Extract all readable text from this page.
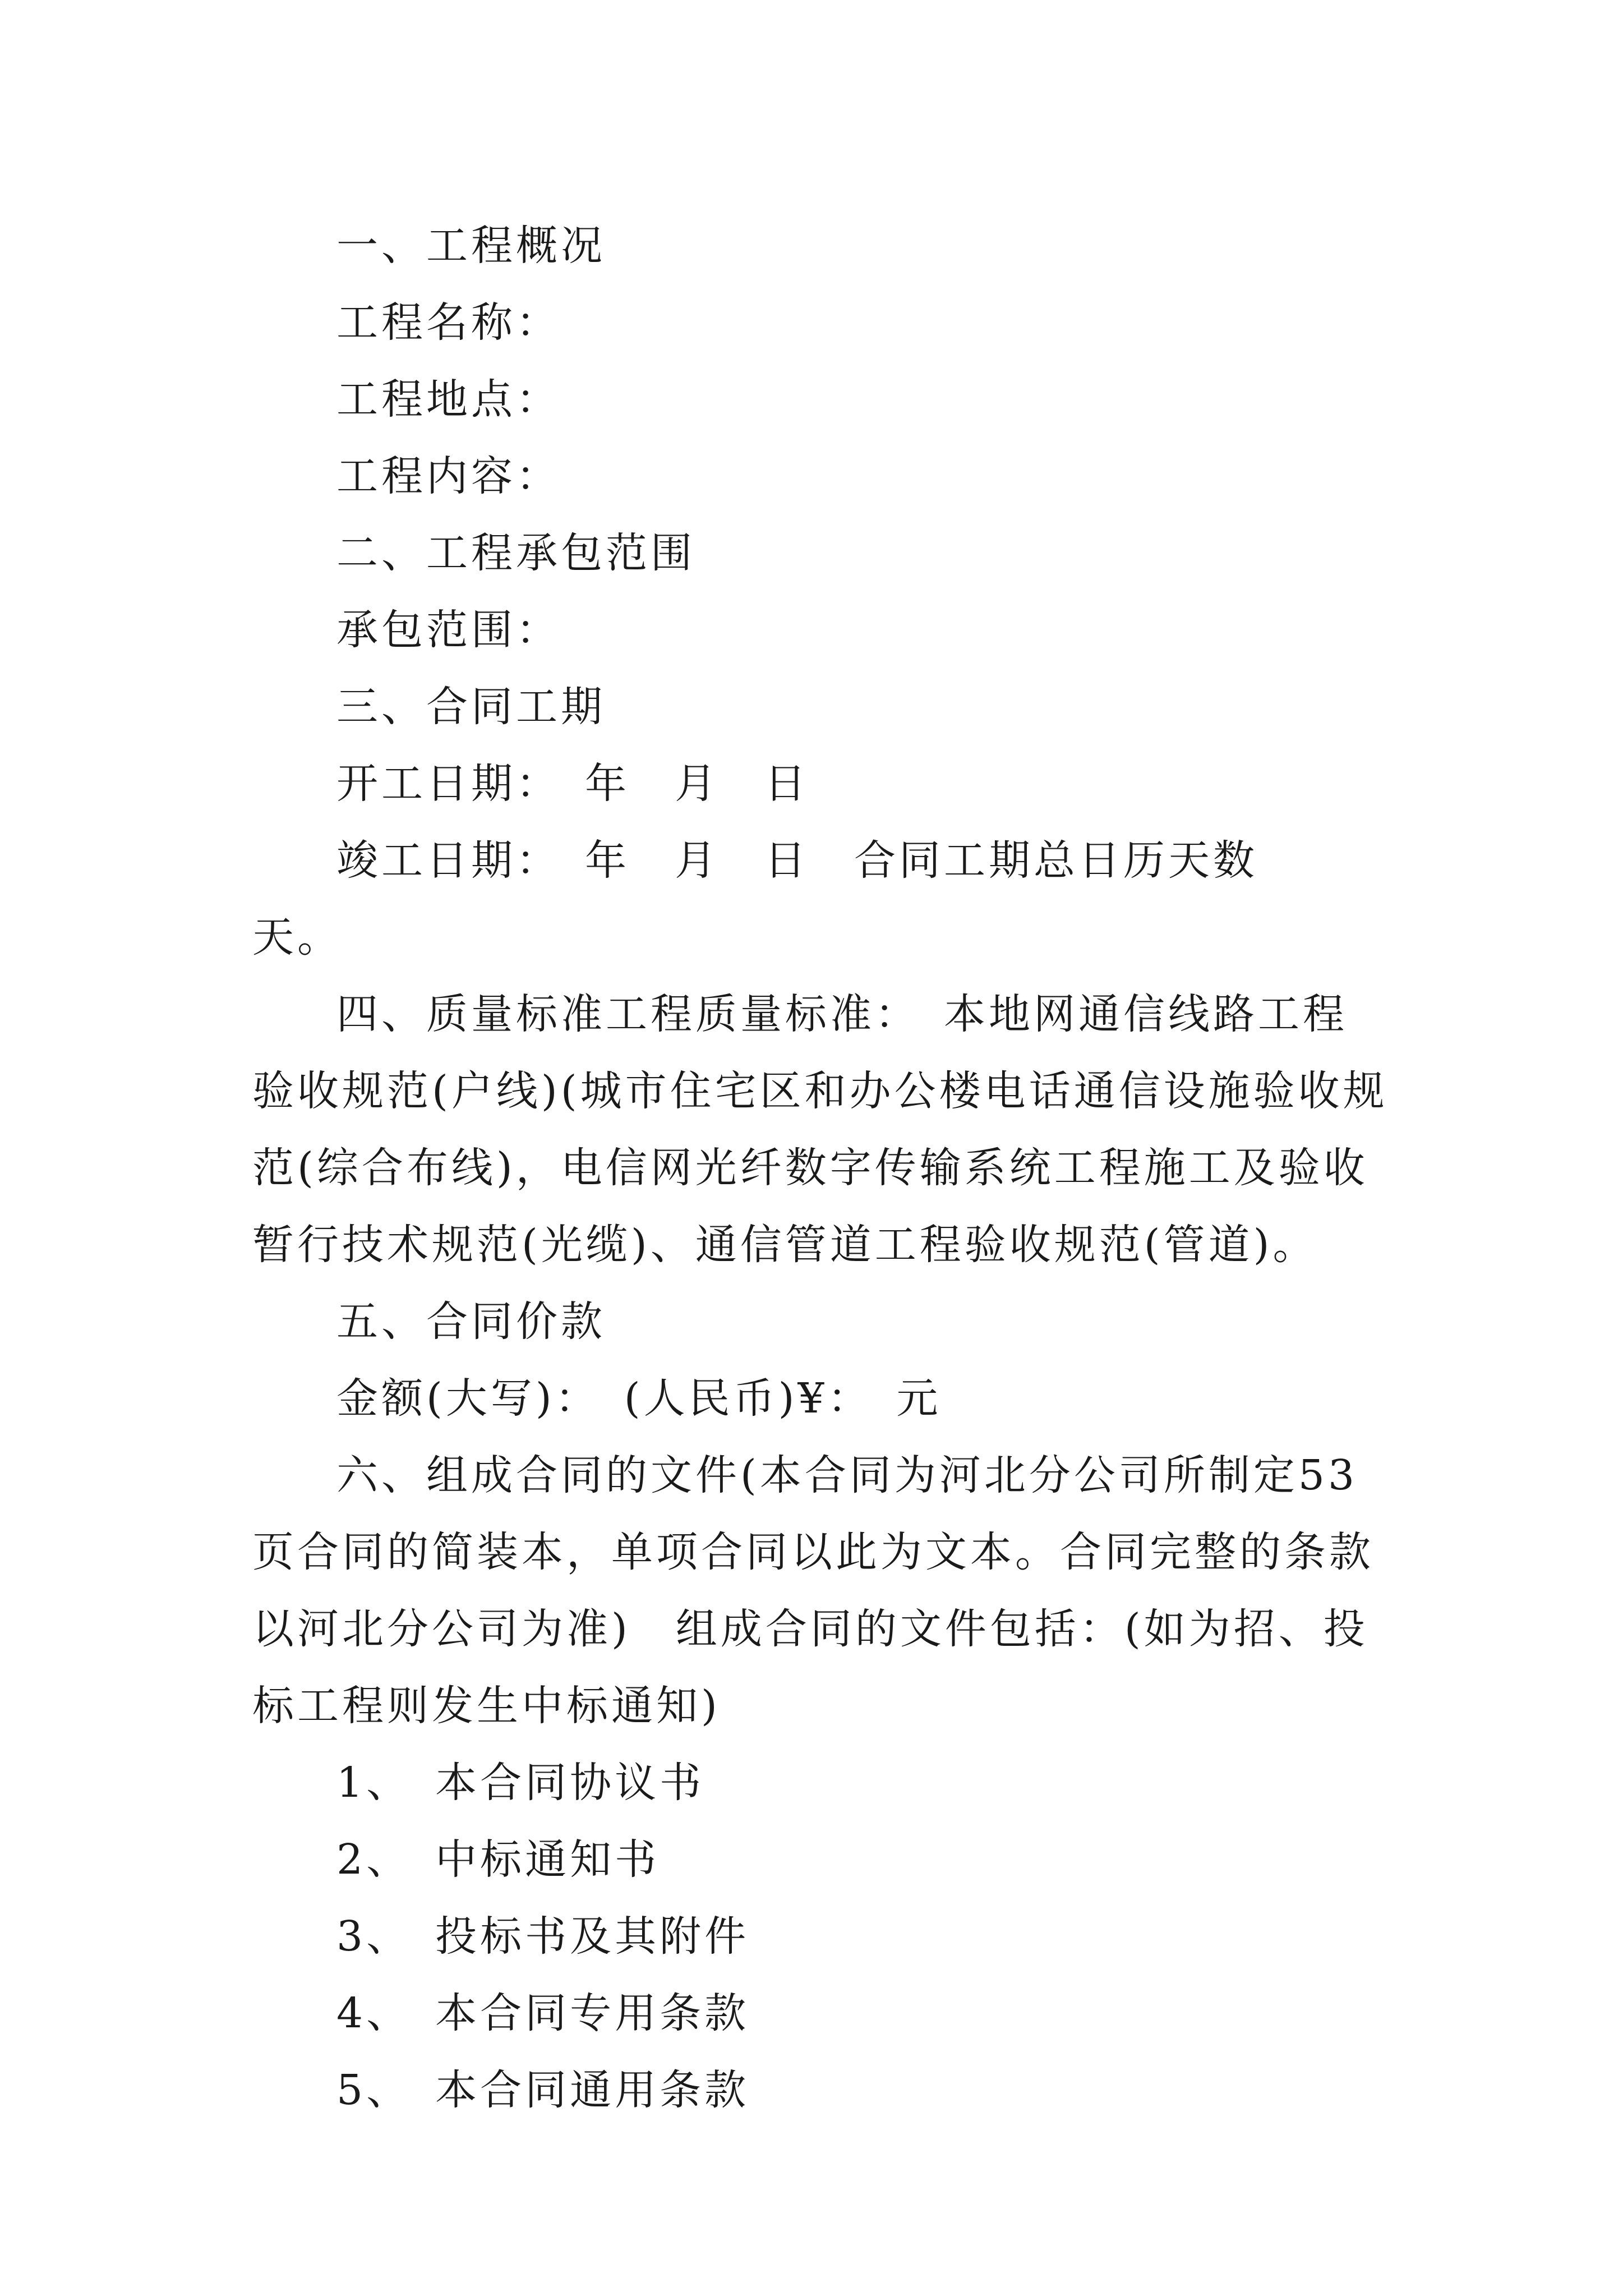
一、工程概况

工程名称：

工程地点：

工程内容：

二、工程承包范围

承包范围：

三、合同工期

开工日期：　年　月　日

竣工日期：　年　月　日　合同工期总日历天数　天。

四、质量标准工程质量标准：　本地网通信线路工程验收规范(户线)(城市住宅区和办公楼电话通信设施验收规范(综合布线)，电信网光纤数字传输系统工程施工及验收暂行技术规范(光缆)、通信管道工程验收规范(管道)。

五、合同价款

金额(大写)：　(人民币)¥：　元

六、组成合同的文件(本合同为河北分公司所制定53页合同的简装本，单项合同以此为文本。合同完整的条款以河北分公司为准)　组成合同的文件包括：(如为招、投标工程则发生中标通知)

1、　本合同协议书

2、　中标通知书

3、　投标书及其附件

4、　本合同专用条款

5、　本合同通用条款
